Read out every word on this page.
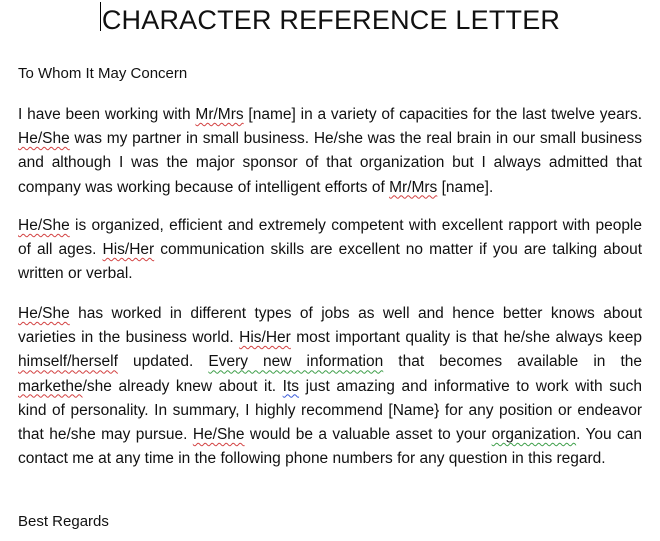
CHARACTER REFERENCE LETTER
To Whom It May Concern

I have been working with Mr/Mrs [name] in a variety of capacities for the last twelve years. He/She was my partner in small business. He/she was the real brain in our small business and although I was the major sponsor of that organization but I always admitted that company was working because of intelligent efforts of Mr/Mrs [name].

He/She is organized, efficient and extremely competent with excellent rapport with people of all ages. His/Her communication skills are excellent no matter if you are talking about written or verbal.

He/She has worked in different types of jobs as well and hence better knows about varieties in the business world. His/Her most important quality is that he/she always keep himself/herself updated. Every new information that becomes available in the markethe/she already knew about it. Its just amazing and informative to work with such kind of personality. In summary, I highly recommend [Name} for any position or endeavor that he/she may pursue. He/She would be a valuable asset to your organization. You can contact me at any time in the following phone numbers for any question in this regard.

Best Regards
